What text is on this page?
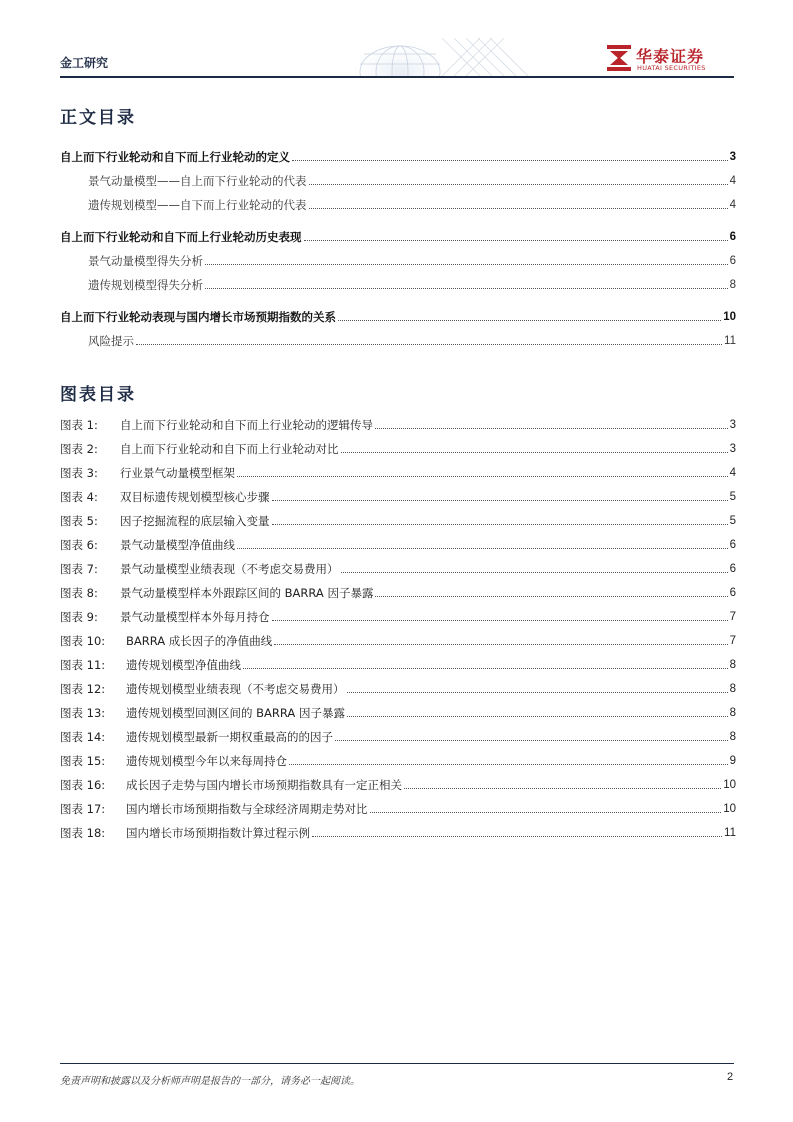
金工研究	华泰证券
HUATAI SECURITIES
正文目录
自上而下行业轮动和自下而上行业轮动的定义	3
景气动量模型——自上而下行业轮动的代表	4
遗传规划模型——自下而上行业轮动的代表	4
自上而下行业轮动和自下而上行业轮动历史表现	6
景气动量模型得失分析	6
遗传规划模型得失分析	8
自上而下行业轮动表现与国内增长市场预期指数的关系	10
风险提示	11
图表目录
图表 1:	自上而下行业轮动和自下而上行业轮动的逻辑传导	3
图表 2:	自上而下行业轮动和自下而上行业轮动对比	3
图表 3:	行业景气动量模型框架	4
图表 4:	双目标遗传规划模型核心步骤	5
图表 5:	因子挖掘流程的底层输入变量	5
图表 6:	景气动量模型净值曲线	6
图表 7:	景气动量模型业绩表现（不考虑交易费用）	6
图表 8:	景气动量模型样本外跟踪区间的 BARRA 因子暴露	6
图表 9:	景气动量模型样本外每月持仓	7
图表 10:	BARRA 成长因子的净值曲线	7
图表 11:	遗传规划模型净值曲线	8
图表 12:	遗传规划模型业绩表现（不考虑交易费用）	8
图表 13:	遗传规划模型回测区间的 BARRA 因子暴露	8
图表 14:	遗传规划模型最新一期权重最高的的因子	8
图表 15:	遗传规划模型今年以来每周持仓	9
图表 16:	成长因子走势与国内增长市场预期指数具有一定正相关	10
图表 17:	国内增长市场预期指数与全球经济周期走势对比	10
图表 18:	国内增长市场预期指数计算过程示例	11
免责声明和披露以及分析师声明是报告的一部分，请务必一起阅读。	2
